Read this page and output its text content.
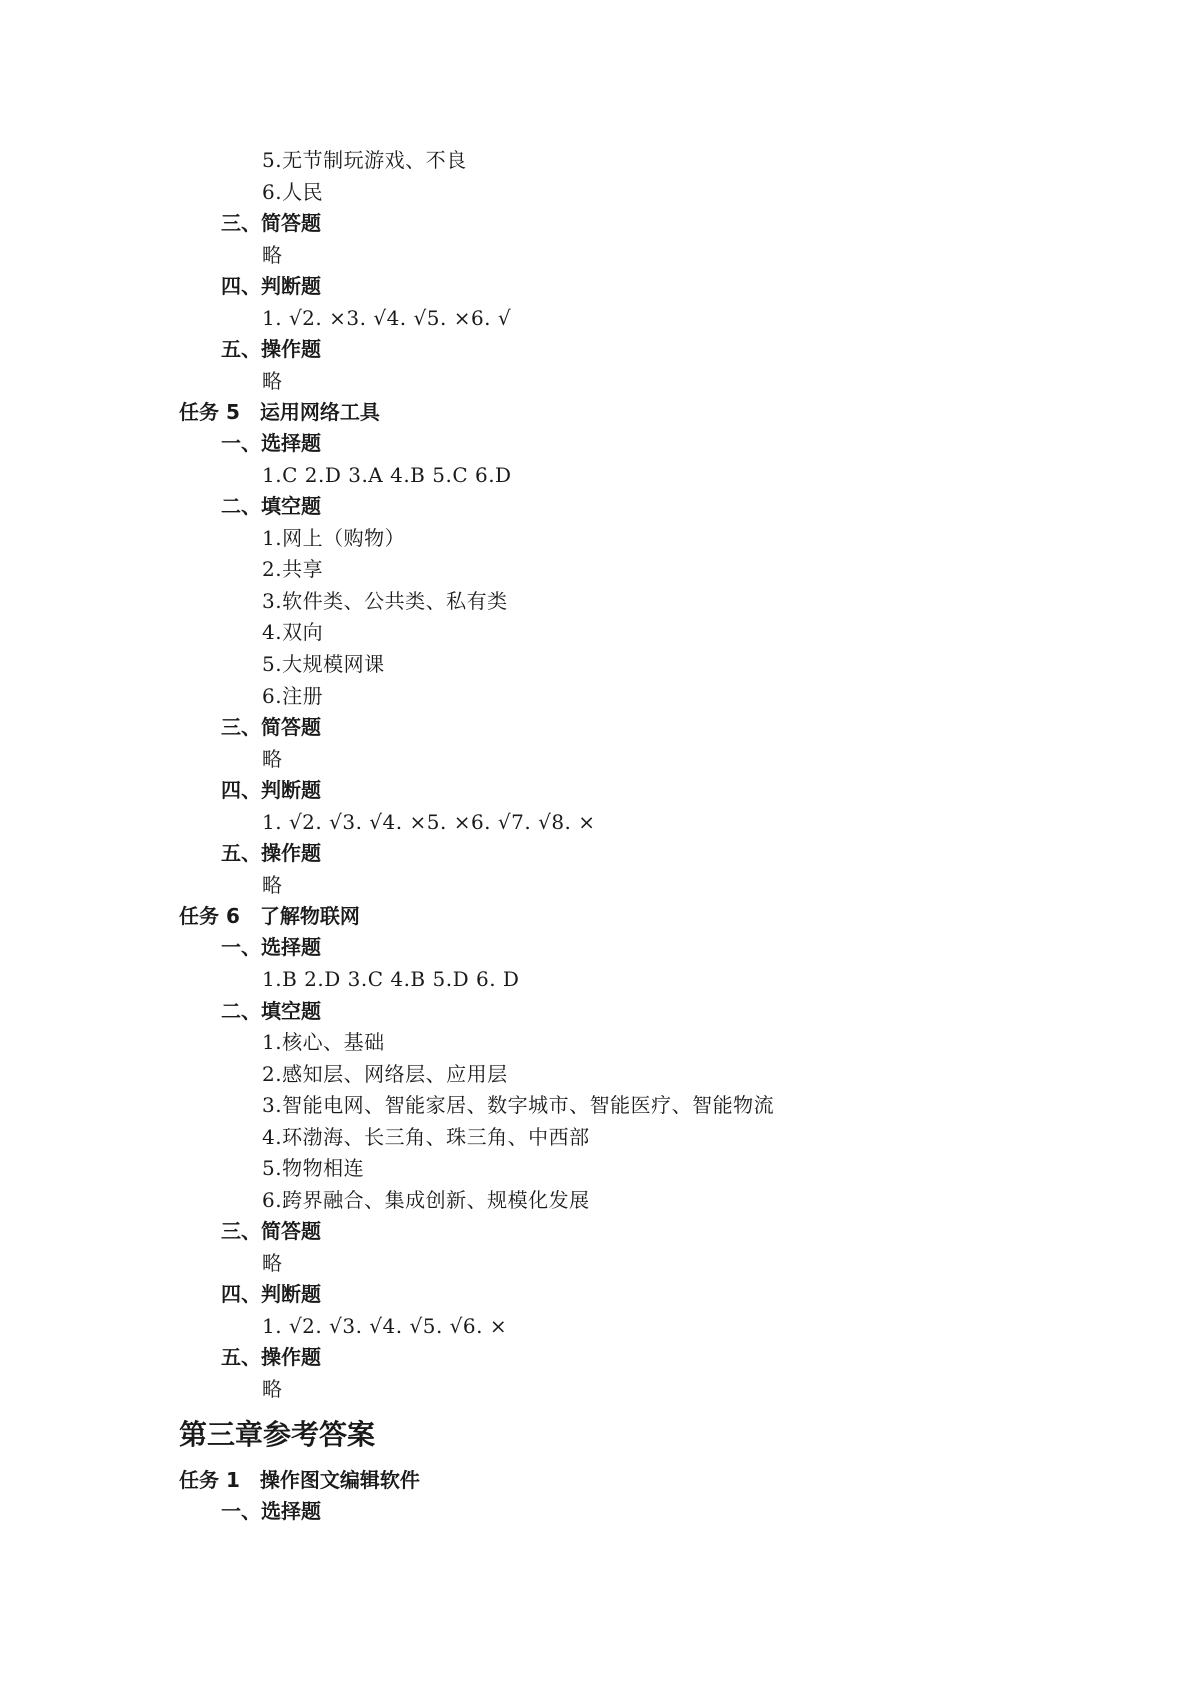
5.无节制玩游戏、不良
6.人民
三、简答题
略
四、判断题
1. √2. ×3. √4. √5. ×6. √
五、操作题
略
任务 5　运用网络工具
一、选择题
1.C 2.D 3.A 4.B 5.C 6.D
二、填空题
1.网上（购物）
2.共享
3.软件类、公共类、私有类
4.双向
5.大规模网课
6.注册
三、简答题
略
四、判断题
1. √2. √3. √4. ×5. ×6. √7. √8. ×
五、操作题
略
任务 6　了解物联网
一、选择题
1.B 2.D 3.C 4.B 5.D 6. D
二、填空题
1.核心、基础
2.感知层、网络层、应用层
3.智能电网、智能家居、数字城市、智能医疗、智能物流
4.环渤海、长三角、珠三角、中西部
5.物物相连
6.跨界融合、集成创新、规模化发展
三、简答题
略
四、判断题
1. √2. √3. √4. √5. √6. ×
五、操作题
略
第三章参考答案
任务 1　操作图文编辑软件
一、选择题
